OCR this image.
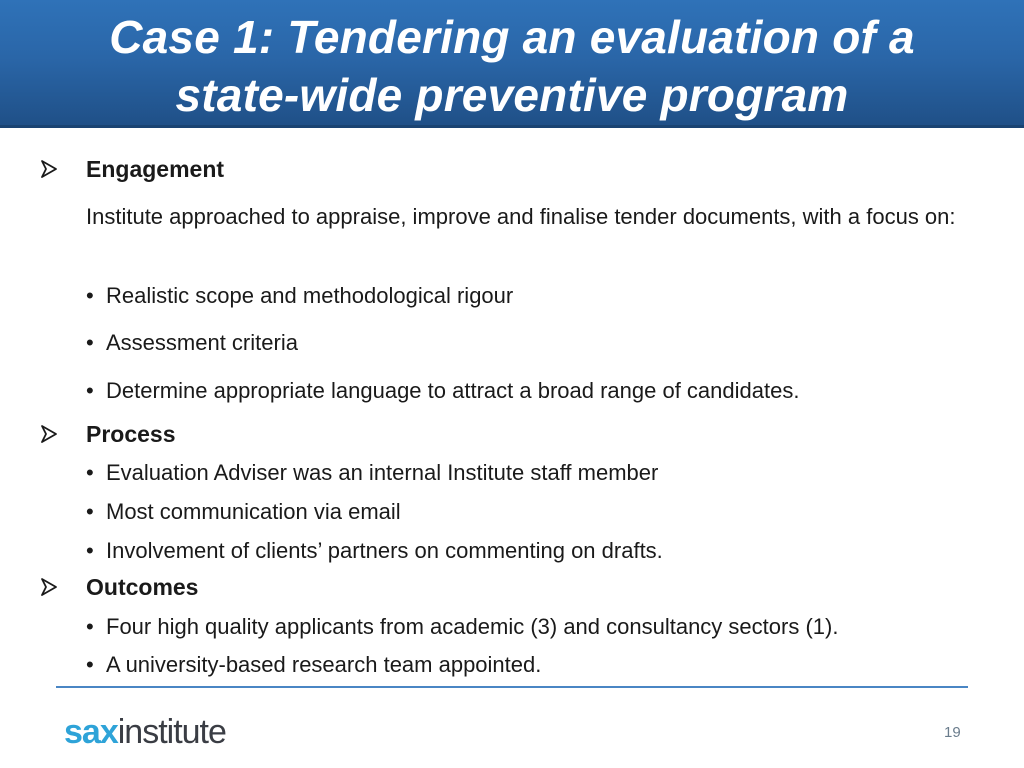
Case 1: Tendering an evaluation of a
state-wide preventive program
Engagement
Institute approached to appraise, improve and finalise tender documents, with a focus on:
• Realistic scope and methodological rigour
• Assessment criteria
• Determine appropriate language to attract a broad range of candidates.
Process
• Evaluation Adviser was an internal Institute staff member
• Most communication via email
• Involvement of clients’ partners on commenting on drafts.
Outcomes
• Four high quality applicants from academic (3) and consultancy sectors (1).
• A university-based research team appointed.
saxinstitute	19
